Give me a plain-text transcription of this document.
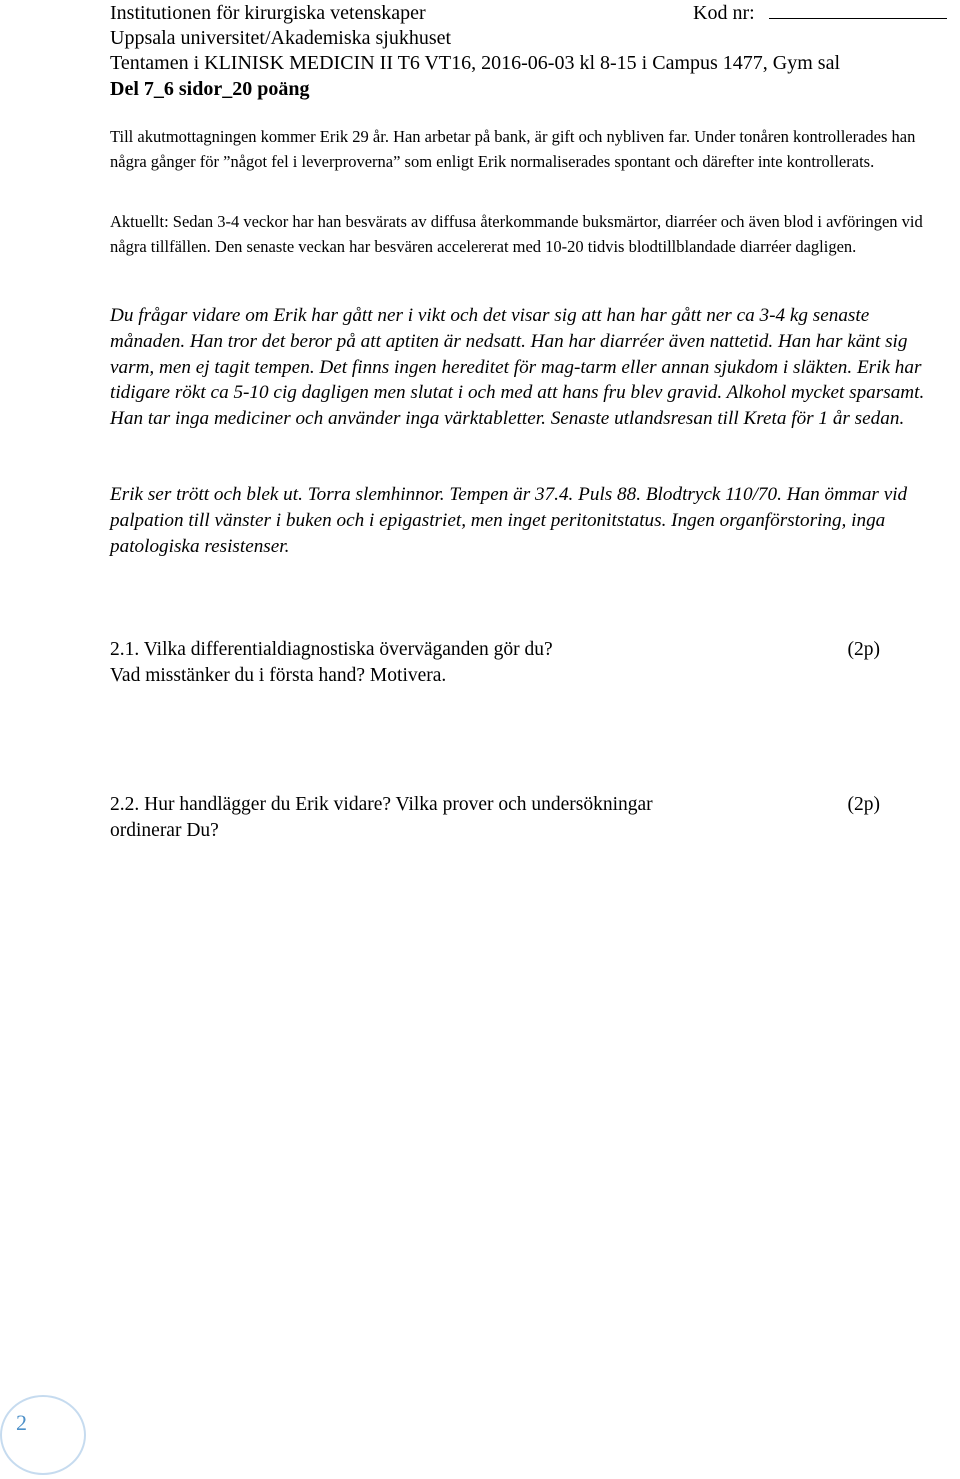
Institutionen för kirurgiska vetenskaper	Kod nr:
Uppsala universitet/Akademiska sjukhuset
Tentamen i KLINISK MEDICIN II T6 VT16, 2016-06-03 kl 8-15 i Campus 1477, Gym sal
Del 7_6 sidor_20 poäng

Till akutmottagningen kommer Erik 29 år. Han arbetar på bank, är gift och nybliven far. Under tonåren kontrollerades han några gånger för ”något fel i leverproverna” som enligt Erik normaliserades spontant och därefter inte kontrollerats.

Aktuellt: Sedan 3-4 veckor har han besvärats av diffusa återkommande buksmärtor, diarréer och även blod i avföringen vid några tillfällen. Den senaste veckan har besvären accelererat med 10-20 tidvis blodtillblandade diarréer dagligen.

Du frågar vidare om Erik har gått ner i vikt och det visar sig att han har gått ner ca 3-4 kg senaste månaden. Han tror det beror på att aptiten är nedsatt. Han har diarréer även nattetid. Han har känt sig varm, men ej tagit tempen. Det finns ingen hereditet för mag-tarm eller annan sjukdom i släkten. Erik har tidigare rökt ca 5-10 cig dagligen men slutat i och med att hans fru blev gravid. Alkohol mycket sparsamt. Han tar inga mediciner och använder inga värktabletter. Senaste utlandsresan till Kreta för 1 år sedan.

Erik ser trött och blek ut. Torra slemhinnor. Tempen är 37.4. Puls 88. Blodtryck 110/70. Han ömmar vid palpation till vänster i buken och i epigastriet, men inget peritonitstatus. Ingen organförstoring, inga patologiska resistenser.

2.1. Vilka differentialdiagnostiska överväganden gör du?	(2p)
Vad misstänker du i första hand? Motivera.
2.2. Hur handlägger du Erik vidare? Vilka prover och undersökningar	(2p)
ordinerar Du?
2
